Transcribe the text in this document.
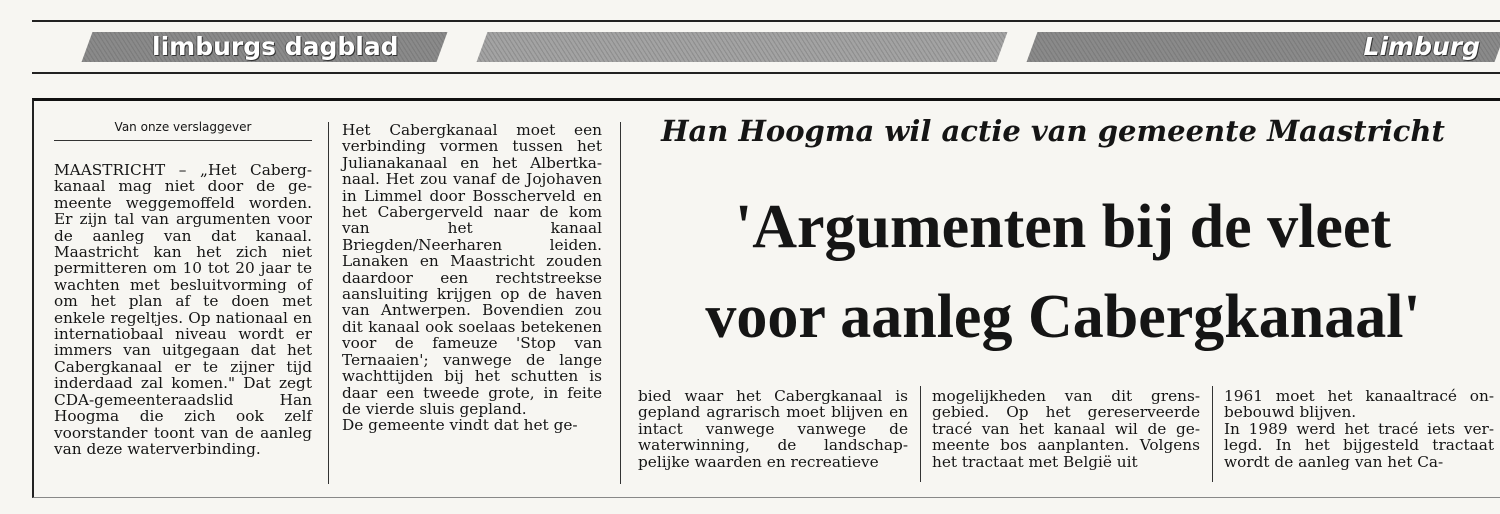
limburgs dagblad	Limburg
Van onze verslaggever

MAASTRICHT – „Het Cabergkanaal mag niet door de gemeente weggemoffeld worden. Er zijn tal van argumenten voor de aanleg van dat kanaal. Maastricht kan het zich niet permitteren om 10 tot 20 jaar te wachten met besluitvorming of om het plan af te doen met enkele regeltjes. Op nationaal en internatiobaal niveau wordt er immers van uitgegaan dat het Cabergkanaal er te zijner tijd inderdaad zal komen." Dat zegt CDA-gemeenteraadslid Han Hoogma die zich ook zelf voorstander toont van de aanleg van deze waterverbinding.

Het Cabergkanaal moet een verbinding vormen tussen het Julianakanaal en het Albertkanaal. Het zou vanaf de Jojohaven in Limmel door Bosscherveld en het Cabergerveld naar de kom van het kanaal Briegden/Neerharen leiden. Lanaken en Maastricht zouden daardoor een rechtstreekse aansluiting krijgen op de haven van Antwerpen. Bovendien zou dit kanaal ook soelaas betekenen voor de fameuze 'Stop van Ternaaien'; vanwege de lange wachttijden bij het schutten is daar een tweede grote, in feite de vierde sluis gepland.

De gemeente vindt dat het ge-

Han Hoogma wil actie van gemeente Maastricht
'Argumenten bij de vleet
voor aanleg Cabergkanaal'

bied waar het Cabergkanaal is gepland agrarisch moet blijven en intact vanwege vanwege de waterwinning, de landschappelijke waarden en recreatieve

mogelijkheden van dit grensgebied. Op het gereserveerde tracé van het kanaal wil de gemeente bos aanplanten. Volgens het tractaat met België uit

1961 moet het kanaaltracé onbebouwd blijven.

In 1989 werd het tracé iets verlegd. In het bijgesteld tractaat wordt de aanleg van het Ca-
